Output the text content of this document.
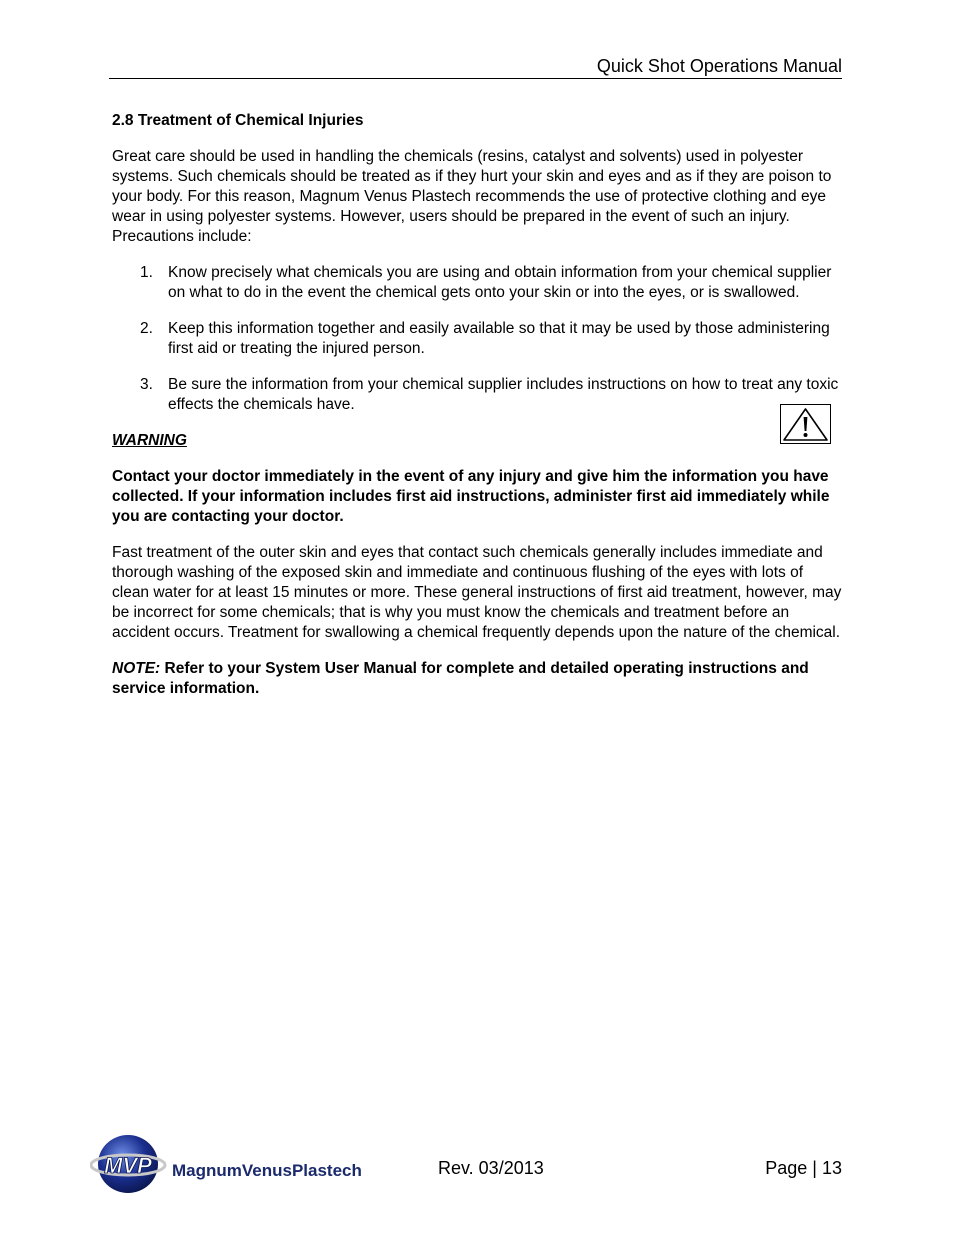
Quick Shot Operations Manual
2.8 Treatment of Chemical Injuries
Great care should be used in handling the chemicals (resins, catalyst and solvents) used in polyester systems. Such chemicals should be treated as if they hurt your skin and eyes and as if they are poison to your body. For this reason, Magnum Venus Plastech recommends the use of protective clothing and eye wear in using polyester systems. However, users should be prepared in the event of such an injury. Precautions include:
1. Know precisely what chemicals you are using and obtain information from your chemical supplier on what to do in the event the chemical gets onto your skin or into the eyes, or is swallowed.
2. Keep this information together and easily available so that it may be used by those administering first aid or treating the injured person.
3. Be sure the information from your chemical supplier includes instructions on how to treat any toxic effects the chemicals have.
WARNING
Contact your doctor immediately in the event of any injury and give him the information you have collected. If your information includes first aid instructions, administer first aid immediately while you are contacting your doctor.
Fast treatment of the outer skin and eyes that contact such chemicals generally includes immediate and thorough washing of the exposed skin and immediate and continuous flushing of the eyes with lots of clean water for at least 15 minutes or more. These general instructions of first aid treatment, however, may be incorrect for some chemicals; that is why you must know the chemicals and treatment before an accident occurs. Treatment for swallowing a chemical frequently depends upon the nature of the chemical.
NOTE: Refer to your System User Manual for complete and detailed operating instructions and service information.
MVP MagnumVenusPlastech	Rev. 03/2013	Page | 13
